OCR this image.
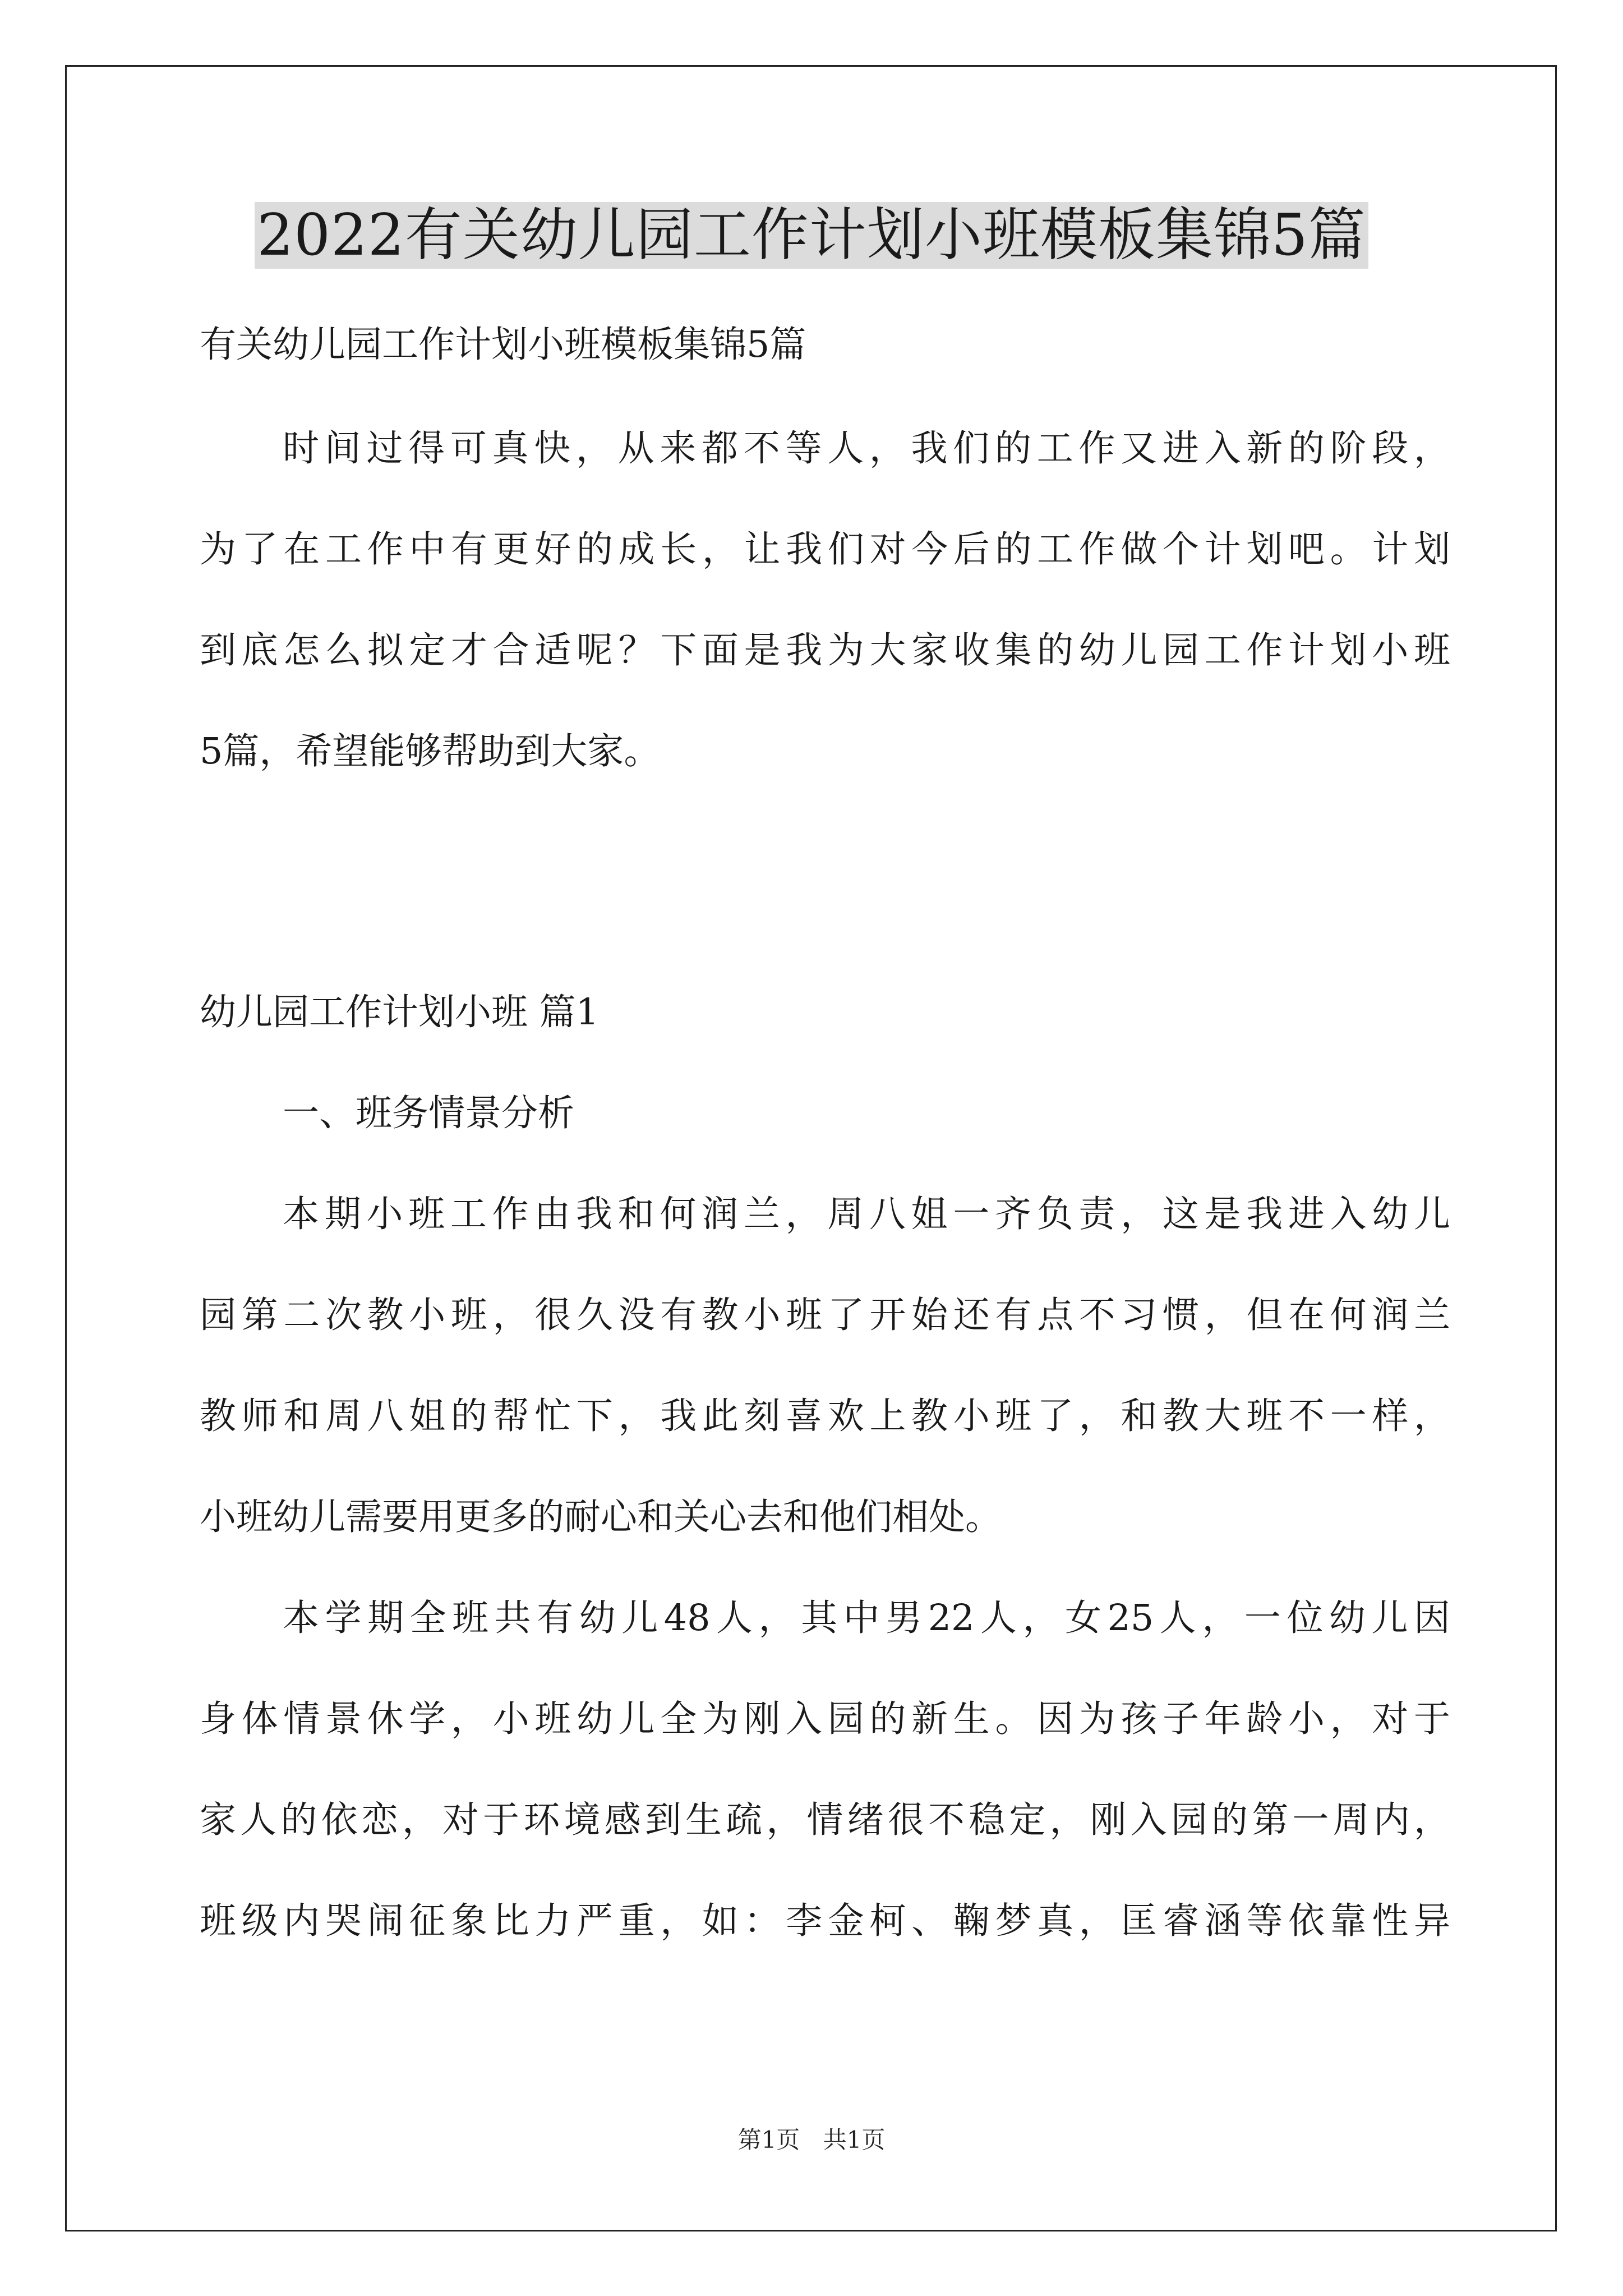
2022有关幼儿园工作计划小班模板集锦5篇
有关幼儿园工作计划小班模板集锦5篇
时间过得可真快，从来都不等人，我们的工作又进入新的阶段，
为了在工作中有更好的成长，让我们对今后的工作做个计划吧。计划
到底怎么拟定才合适呢？下面是我为大家收集的幼儿园工作计划小班
5篇，希望能够帮助到大家。
幼儿园工作计划小班 篇1
一、班务情景分析
本期小班工作由我和何润兰，周八姐一齐负责，这是我进入幼儿
园第二次教小班，很久没有教小班了开始还有点不习惯，但在何润兰
教师和周八姐的帮忙下，我此刻喜欢上教小班了，和教大班不一样，
小班幼儿需要用更多的耐心和关心去和他们相处。
本学期全班共有幼儿48人，其中男22人，女25人，一位幼儿因
身体情景休学，小班幼儿全为刚入园的新生。因为孩子年龄小，对于
家人的依恋，对于环境感到生疏，情绪很不稳定，刚入园的第一周内，
班级内哭闹征象比力严重，如：李金柯、鞠梦真，匡睿涵等依靠性异
第1页 共1页
